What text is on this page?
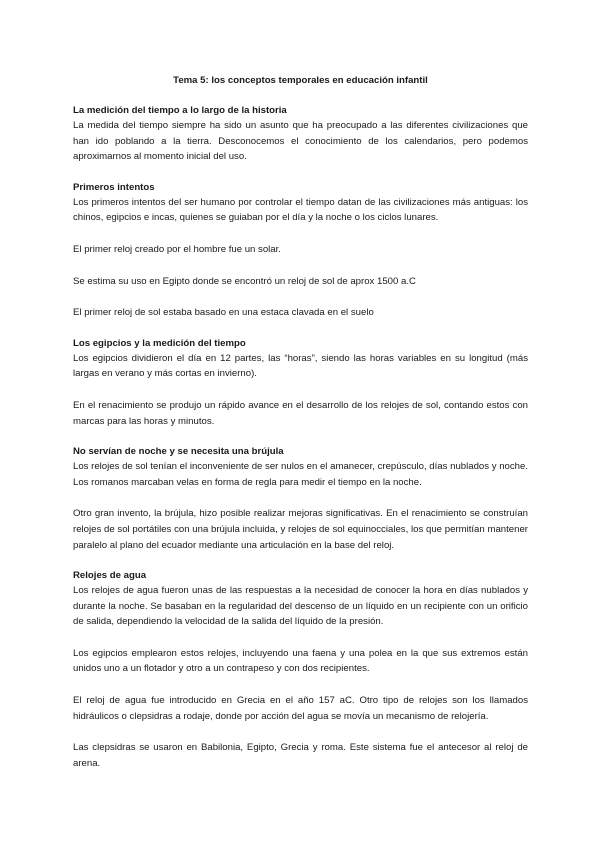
Tema 5: los conceptos temporales en educación infantil
La medición del tiempo a lo largo de la historia

La medida del tiempo siempre ha sido un asunto que ha preocupado a las diferentes civilizaciones que han ido poblando a la tierra. Desconocemos el conocimiento de los calendarios, pero podemos aproximarnos al momento inicial del uso.

Primeros intentos

Los primeros intentos del ser humano por controlar el tiempo datan de las civilizaciones más antiguas: los chinos, egipcios e incas, quienes se guiaban por el día y la noche o los ciclos lunares.

El primer reloj creado por el hombre fue un solar.

Se estima su uso en Egipto donde se encontró un reloj de sol de aprox 1500 a.C

El primer reloj de sol estaba basado en una estaca clavada en el suelo

Los egipcios y la medición del tiempo

Los egipcios dividieron el día en 12 partes, las “horas”, siendo las horas variables en su longitud (más largas en verano y más cortas en invierno).

En el renacimiento se produjo un rápido avance en el desarrollo de los relojes de sol, contando estos con marcas para las horas y minutos.

No servían de noche y se necesita una brújula

Los relojes de sol tenían el inconveniente de ser nulos en el amanecer, crepúsculo, días nublados y noche. Los romanos marcaban velas en forma de regla para medir el tiempo en la noche.

Otro gran invento, la brújula, hizo posible realizar mejoras significativas. En el renacimiento se construían relojes de sol portátiles con una brújula incluida, y relojes de sol equinocciales, los que permitían mantener paralelo al plano del ecuador mediante una articulación en la base del reloj.

Relojes de agua

Los relojes de agua fueron unas de las respuestas a la necesidad de conocer la hora en días nublados y durante la noche. Se basaban en la regularidad del descenso de un líquido en un recipiente con un orificio de salida, dependiendo la velocidad de la salida del líquido de la presión.

Los egipcios emplearon estos relojes, incluyendo una faena y una polea en la que sus extremos están unidos uno a un flotador y otro a un contrapeso y con dos recipientes.

El reloj de agua fue introducido en Grecia en el año 157 aC. Otro tipo de relojes son los llamados hidráulicos o clepsidras a rodaje, donde por acción del agua se movía un mecanismo de relojería.

Las clepsidras se usaron en Babilonia, Egipto, Grecia y roma. Este sistema fue el antecesor al reloj de arena.
